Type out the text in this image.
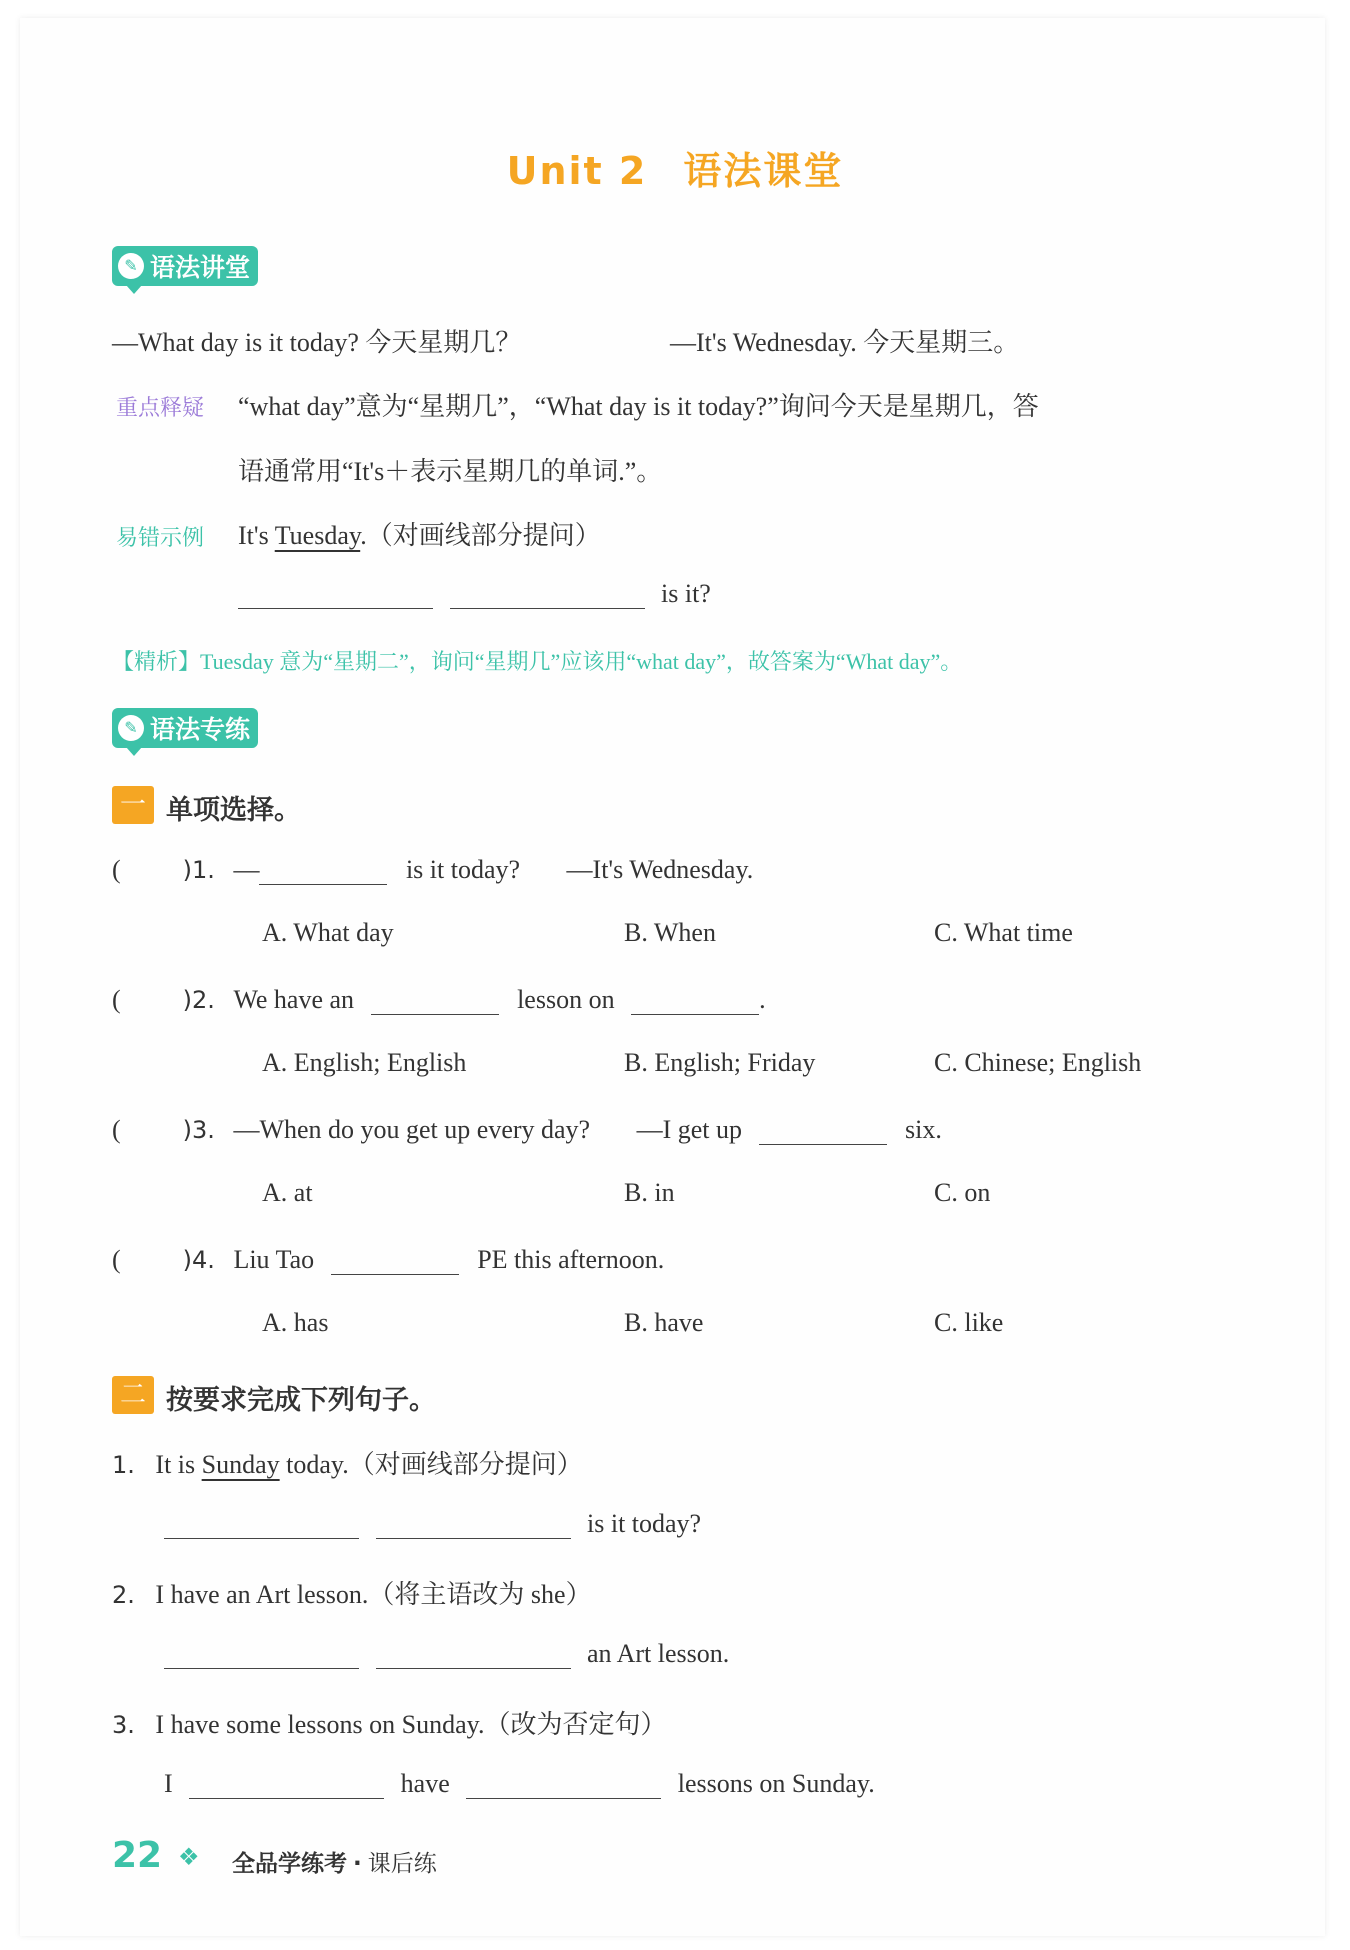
Unit 2 语法课堂
✎ 语法讲堂
—What day is it today? 今天星期几？	—It's Wednesday. 今天星期三。
重点释疑 “what day”意为“星期几”，“What day is it today?”询问今天是星期几，答
语通常用“It's＋表示星期几的单词.”。
易错示例 It's Tuesday.（对画线部分提问）
is it?
【精析】Tuesday 意为“星期二”，询问“星期几”应该用“what day”，故答案为“What day”。
✎ 语法专练
一 单项选择。
(	)1. —	is it today? —It's Wednesday.
A. What day	B. When	C. What time
(	)2. We have an	lesson on	.
A. English; English	B. English; Friday	C. Chinese; English
(	)3. —When do you get up every day? —I get up	six.
A. at	B. in	C. on
(	)4. Liu Tao	PE this afternoon.
A. has	B. have	C. like
二 按要求完成下列句子。
1. It is Sunday today.（对画线部分提问）
is it today?
2. I have an Art lesson.（将主语改为 she）
an Art lesson.
3. I have some lessons on Sunday.（改为否定句）
I	have	lessons on Sunday.
22 ❖ 全品学练考 · 课后练
